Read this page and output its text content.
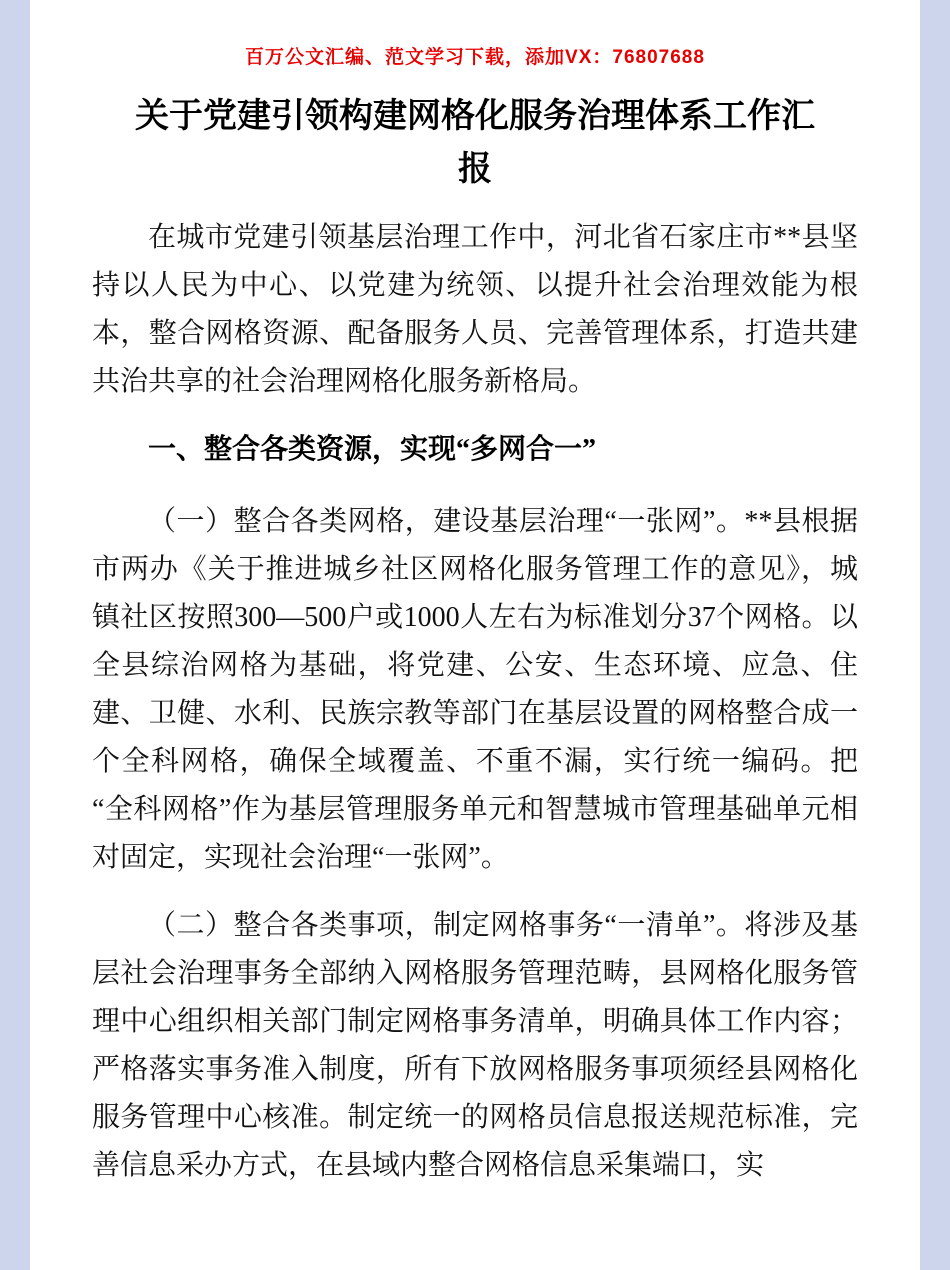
百万公文汇编、范文学习下载，添加VX：76807688
关于党建引领构建网格化服务治理体系工作汇报

在城市党建引领基层治理工作中，河北省石家庄市**县坚持以人民为中心、以党建为统领、以提升社会治理效能为根本，整合网格资源、配备服务人员、完善管理体系，打造共建共治共享的社会治理网格化服务新格局。

一、整合各类资源，实现“多网合一”

（一）整合各类网格，建设基层治理“一张网”。**县根据市两办《关于推进城乡社区网格化服务管理工作的意见》，城镇社区按照300—500户或1000人左右为标准划分37个网格。以全县综治网格为基础，将党建、公安、生态环境、应急、住建、卫健、水利、民族宗教等部门在基层设置的网格整合成一个全科网格，确保全域覆盖、不重不漏，实行统一编码。把“全科网格”作为基层管理服务单元和智慧城市管理基础单元相对固定，实现社会治理“一张网”。

（二）整合各类事项，制定网格事务“一清单”。将涉及基层社会治理事务全部纳入网格服务管理范畴，县网格化服务管理中心组织相关部门制定网格事务清单，明确具体工作内容；严格落实事务准入制度，所有下放网格服务事项须经县网格化服务管理中心核准。制定统一的网格员信息报送规范标准，完善信息采办方式，在县域内整合网格信息采集端口，实
